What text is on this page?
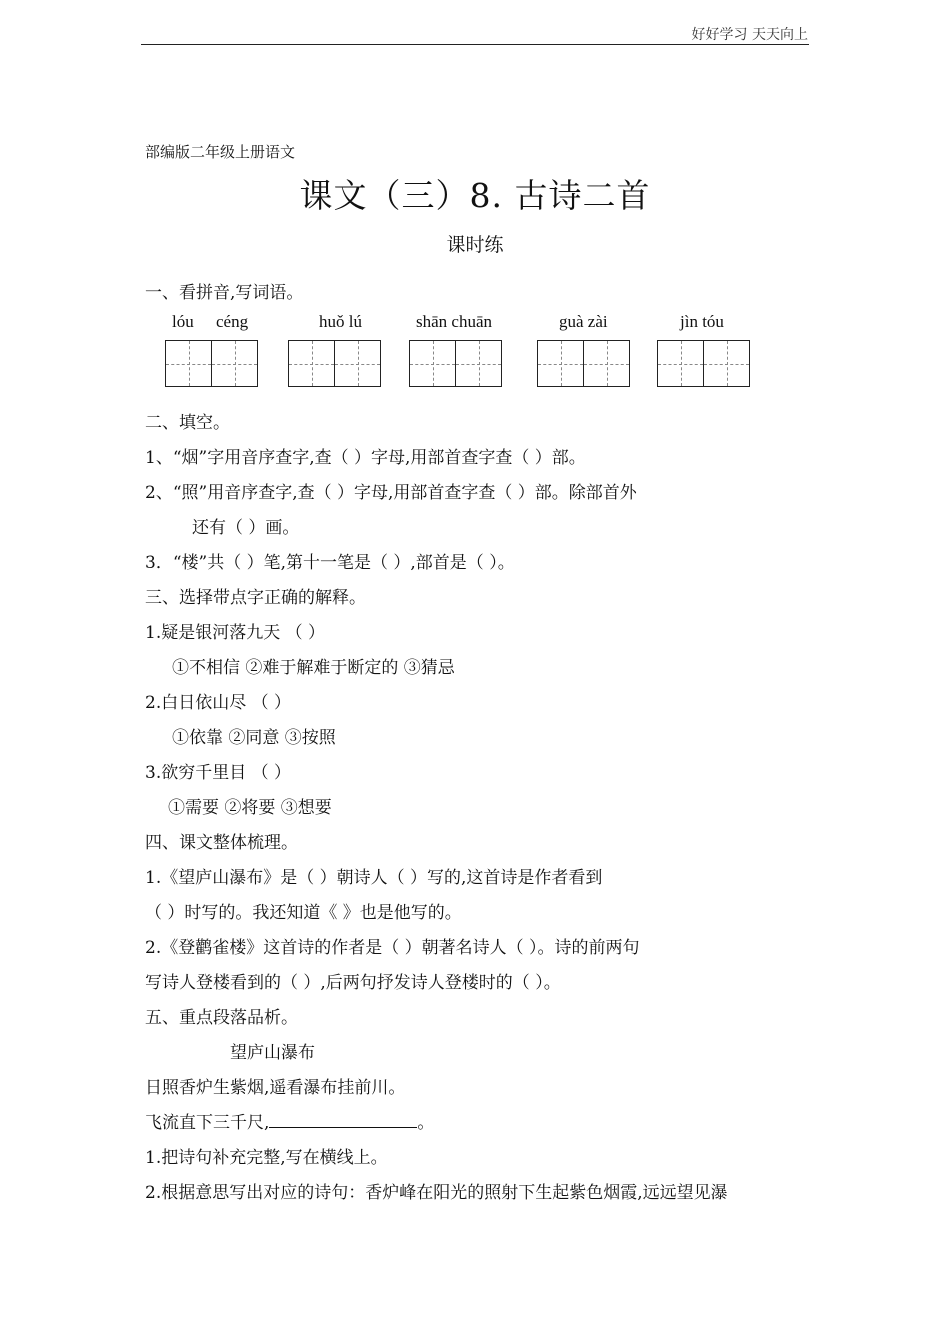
好好学习 天天向上
部编版二年级上册语文
课文（三）8. 古诗二首
课时练
一、看拼音,写词语。
lóu céng	huǒ lú	shān chuān	guà zài	jìn tóu
二、填空。
1、“烟”字用音序查字,查（ ）字母,用部首查字查（ ）部。
2、“照”用音序查字,查（ ）字母,用部首查字查（ ）部。除部首外
还有（ ）画。
3．“楼”共（ ）笔,第十一笔是（ ）,部首是（ ）。
三、选择带点字正确的解释。
1.疑是银河落九天 （ ）
①不相信 ②难于解难于断定的 ③猜忌
2.白日依山尽 （ ）
①依靠 ②同意 ③按照
3.欲穷千里目 （ ）
①需要 ②将要 ③想要
四、课文整体梳理。
1.《望庐山瀑布》是（ ）朝诗人（ ）写的,这首诗是作者看到
（ ）时写的。我还知道《 》也是他写的。
2.《登鹳雀楼》这首诗的作者是（ ）朝著名诗人（ ）。诗的前两句
写诗人登楼看到的（ ）,后两句抒发诗人登楼时的（ ）。
五、重点段落品析。
望庐山瀑布
日照香炉生紫烟,遥看瀑布挂前川。
飞流直下三千尺,	。
1.把诗句补充完整,写在横线上。
2.根据意思写出对应的诗句：香炉峰在阳光的照射下生起紫色烟霞,远远望见瀑
